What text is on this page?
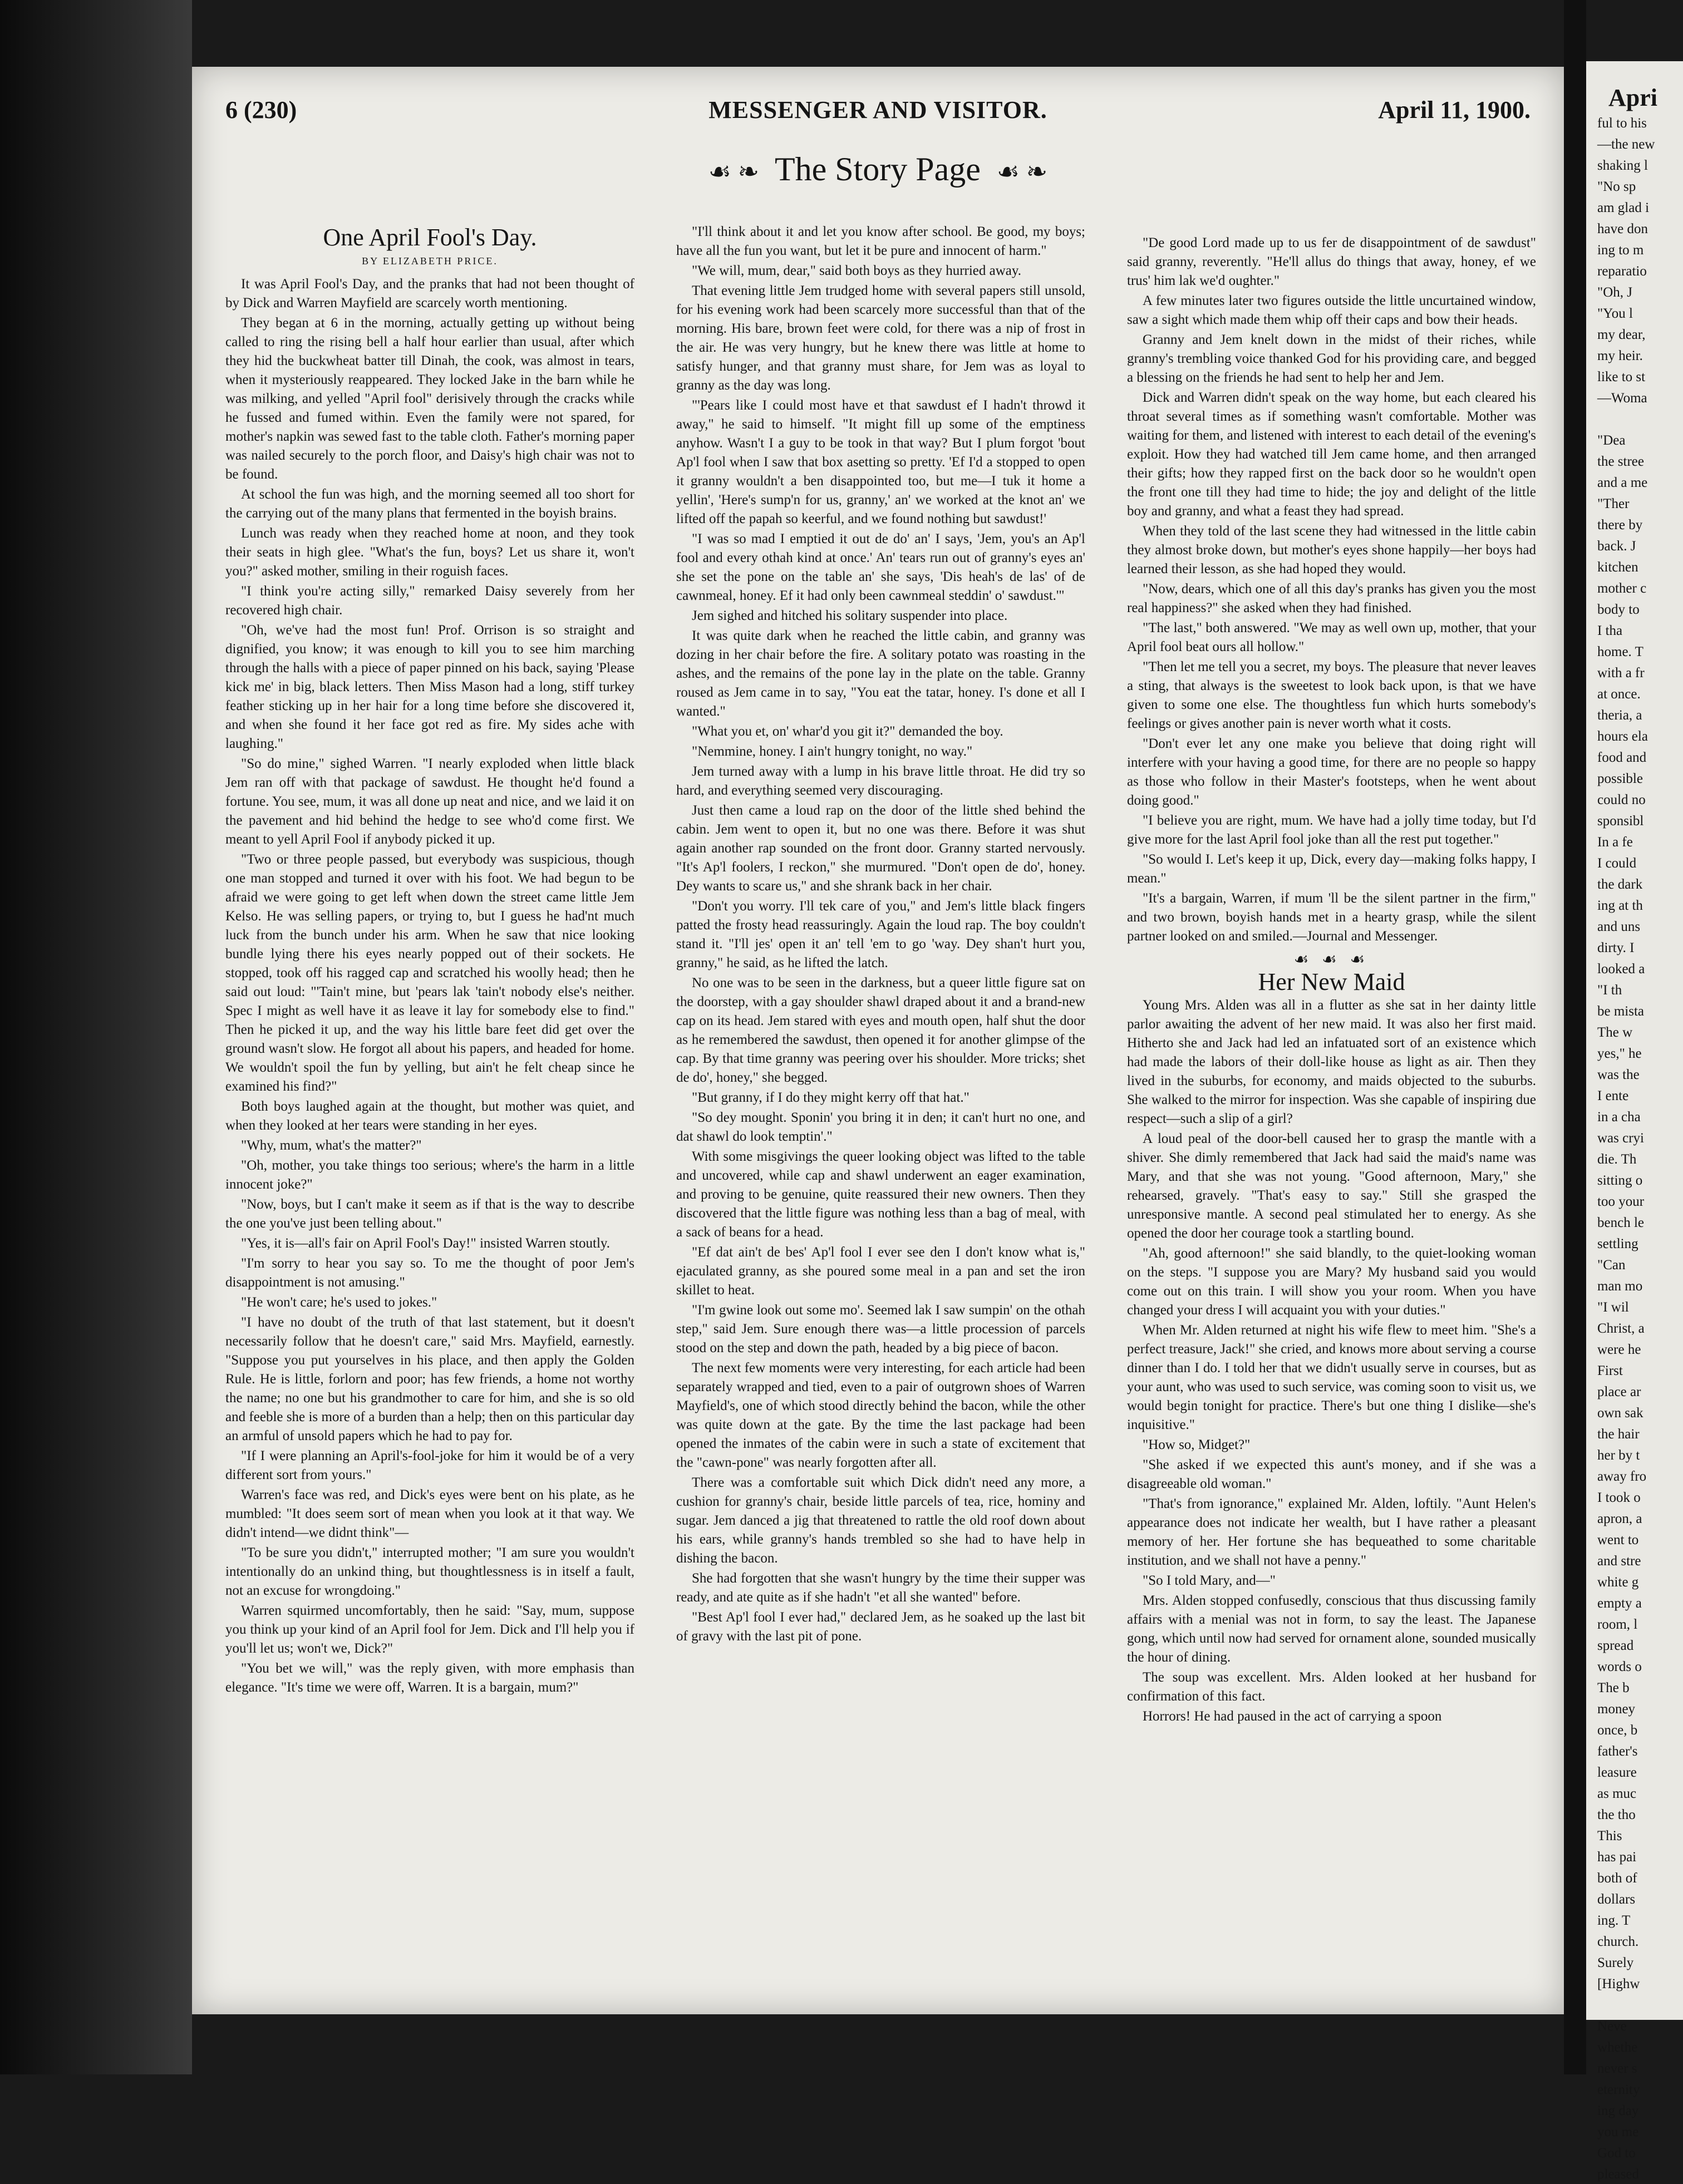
6 (230)	MESSENGER AND VISITOR.	April 11, 1900.
☙ ❧ The Story Page ☙ ❧
One April Fool's Day.
BY ELIZABETH PRICE.

It was April Fool's Day, and the pranks that had not been thought of by Dick and Warren Mayfield are scarcely worth mentioning.

They began at 6 in the morning, actually getting up without being called to ring the rising bell a half hour earlier than usual, after which they hid the buckwheat batter till Dinah, the cook, was almost in tears, when it mysteriously reappeared. They locked Jake in the barn while he was milking, and yelled "April fool" derisively through the cracks while he fussed and fumed within. Even the family were not spared, for mother's napkin was sewed fast to the table cloth. Father's morning paper was nailed securely to the porch floor, and Daisy's high chair was not to be found.

At school the fun was high, and the morning seemed all too short for the carrying out of the many plans that fermented in the boyish brains.

Lunch was ready when they reached home at noon, and they took their seats in high glee. "What's the fun, boys? Let us share it, won't you?" asked mother, smiling in their roguish faces.

"I think you're acting silly," remarked Daisy severely from her recovered high chair.

"Oh, we've had the most fun! Prof. Orrison is so straight and dignified, you know; it was enough to kill you to see him marching through the halls with a piece of paper pinned on his back, saying 'Please kick me' in big, black letters. Then Miss Mason had a long, stiff turkey feather sticking up in her hair for a long time before she discovered it, and when she found it her face got red as fire. My sides ache with laughing."

"So do mine," sighed Warren. "I nearly exploded when little black Jem ran off with that package of sawdust. He thought he'd found a fortune. You see, mum, it was all done up neat and nice, and we laid it on the pavement and hid behind the hedge to see who'd come first. We meant to yell April Fool if anybody picked it up.

"Two or three people passed, but everybody was suspicious, though one man stopped and turned it over with his foot. We had begun to be afraid we were going to get left when down the street came little Jem Kelso. He was selling papers, or trying to, but I guess he had'nt much luck from the bunch under his arm. When he saw that nice looking bundle lying there his eyes nearly popped out of their sockets. He stopped, took off his ragged cap and scratched his woolly head; then he said out loud: "'Tain't mine, but 'pears lak 'tain't nobody else's neither. Spec I might as well have it as leave it lay for somebody else to find." Then he picked it up, and the way his little bare feet did get over the ground wasn't slow. He forgot all about his papers, and headed for home. We wouldn't spoil the fun by yelling, but ain't he felt cheap since he examined his find?"

Both boys laughed again at the thought, but mother was quiet, and when they looked at her tears were standing in her eyes.

"Why, mum, what's the matter?"

"Oh, mother, you take things too serious; where's the harm in a little innocent joke?"

"Now, boys, but I can't make it seem as if that is the way to describe the one you've just been telling about."

"Yes, it is—all's fair on April Fool's Day!" insisted Warren stoutly.

"I'm sorry to hear you say so. To me the thought of poor Jem's disappointment is not amusing."

"He won't care; he's used to jokes."

"I have no doubt of the truth of that last statement, but it doesn't necessarily follow that he doesn't care," said Mrs. Mayfield, earnestly. "Suppose you put yourselves in his place, and then apply the Golden Rule. He is little, forlorn and poor; has few friends, a home not worthy the name; no one but his grandmother to care for him, and she is so old and feeble she is more of a burden than a help; then on this particular day an armful of unsold papers which he had to pay for.

"If I were planning an April's-fool-joke for him it would be of a very different sort from yours."

Warren's face was red, and Dick's eyes were bent on his plate, as he mumbled: "It does seem sort of mean when you look at it that way. We didn't intend—we didnt think"—

"To be sure you didn't," interrupted mother; "I am sure you wouldn't intentionally do an unkind thing, but thoughtlessness is in itself a fault, not an excuse for wrongdoing."

Warren squirmed uncomfortably, then he said: "Say, mum, suppose you think up your kind of an April fool for Jem. Dick and I'll help you if you'll let us; won't we, Dick?"

"You bet we will," was the reply given, with more emphasis than elegance. "It's time we were off, Warren. It is a bargain, mum?"

"I'll think about it and let you know after school. Be good, my boys; have all the fun you want, but let it be pure and innocent of harm."

"We will, mum, dear," said both boys as they hurried away.

That evening little Jem trudged home with several papers still unsold, for his evening work had been scarcely more successful than that of the morning. His bare, brown feet were cold, for there was a nip of frost in the air. He was very hungry, but he knew there was little at home to satisfy hunger, and that granny must share, for Jem was as loyal to granny as the day was long.

"'Pears like I could most have et that sawdust ef I hadn't throwd it away," he said to himself. "It might fill up some of the emptiness anyhow. Wasn't I a guy to be took in that way? But I plum forgot 'bout Ap'l fool when I saw that box asetting so pretty. 'Ef I'd a stopped to open it granny wouldn't a ben disappointed too, but me—I tuk it home a yellin', 'Here's sump'n for us, granny,' an' we worked at the knot an' we lifted off the papah so keerful, and we found nothing but sawdust!'

"I was so mad I emptied it out de do' an' I says, 'Jem, you's an Ap'l fool and every othah kind at once.' An' tears run out of granny's eyes an' she set the pone on the table an' she says, 'Dis heah's de las' of de cawnmeal, honey. Ef it had only been cawnmeal steddin' o' sawdust.'"

Jem sighed and hitched his solitary suspender into place.

It was quite dark when he reached the little cabin, and granny was dozing in her chair before the fire. A solitary potato was roasting in the ashes, and the remains of the pone lay in the plate on the table. Granny roused as Jem came in to say, "You eat the tatar, honey. I's done et all I wanted."

"What you et, on' whar'd you git it?" demanded the boy.

"Nemmine, honey. I ain't hungry tonight, no way."

Jem turned away with a lump in his brave little throat. He did try so hard, and everything seemed very discouraging.

Just then came a loud rap on the door of the little shed behind the cabin. Jem went to open it, but no one was there. Before it was shut again another rap sounded on the front door. Granny started nervously. "It's Ap'l foolers, I reckon," she murmured. "Don't open de do', honey. Dey wants to scare us," and she shrank back in her chair.

"Don't you worry. I'll tek care of you," and Jem's little black fingers patted the frosty head reassuringly. Again the loud rap. The boy couldn't stand it. "I'll jes' open it an' tell 'em to go 'way. Dey shan't hurt you, granny," he said, as he lifted the latch.

No one was to be seen in the darkness, but a queer little figure sat on the doorstep, with a gay shoulder shawl draped about it and a brand-new cap on its head. Jem stared with eyes and mouth open, half shut the door as he remembered the sawdust, then opened it for another glimpse of the cap. By that time granny was peering over his shoulder. More tricks; shet de do', honey," she begged.

"But granny, if I do they might kerry off that hat."

"So dey mought. Sponin' you bring it in den; it can't hurt no one, and dat shawl do look temptin'."

With some misgivings the queer looking object was lifted to the table and uncovered, while cap and shawl underwent an eager examination, and proving to be genuine, quite reassured their new owners. Then they discovered that the little figure was nothing less than a bag of meal, with a sack of beans for a head.

"Ef dat ain't de bes' Ap'l fool I ever see den I don't know what is," ejaculated granny, as she poured some meal in a pan and set the iron skillet to heat.

"I'm gwine look out some mo'. Seemed lak I saw sumpin' on the othah step," said Jem. Sure enough there was—a little procession of parcels stood on the step and down the path, headed by a big piece of bacon.

The next few moments were very interesting, for each article had been separately wrapped and tied, even to a pair of outgrown shoes of Warren Mayfield's, one of which stood directly behind the bacon, while the other was quite down at the gate. By the time the last package had been opened the inmates of the cabin were in such a state of excitement that the "cawn-pone" was nearly forgotten after all.

There was a comfortable suit which Dick didn't need any more, a cushion for granny's chair, beside little parcels of tea, rice, hominy and sugar. Jem danced a jig that threatened to rattle the old roof down about his ears, while granny's hands trembled so she had to have help in dishing the bacon.

She had forgotten that she wasn't hungry by the time their supper was ready, and ate quite as if she hadn't "et all she wanted" before.

"Best Ap'l fool I ever had," declared Jem, as he soaked up the last bit of gravy with the last pit of pone.

"De good Lord made up to us fer de disappointment of de sawdust" said granny, reverently. "He'll allus do things that away, honey, ef we trus' him lak we'd oughter."

A few minutes later two figures outside the little uncurtained window, saw a sight which made them whip off their caps and bow their heads.

Granny and Jem knelt down in the midst of their riches, while granny's trembling voice thanked God for his providing care, and begged a blessing on the friends he had sent to help her and Jem.

Dick and Warren didn't speak on the way home, but each cleared his throat several times as if something wasn't comfortable. Mother was waiting for them, and listened with interest to each detail of the evening's exploit. How they had watched till Jem came home, and then arranged their gifts; how they rapped first on the back door so he wouldn't open the front one till they had time to hide; the joy and delight of the little boy and granny, and what a feast they had spread.

When they told of the last scene they had witnessed in the little cabin they almost broke down, but mother's eyes shone happily—her boys had learned their lesson, as she had hoped they would.

"Now, dears, which one of all this day's pranks has given you the most real happiness?" she asked when they had finished.

"The last," both answered. "We may as well own up, mother, that your April fool beat ours all hollow."

"Then let me tell you a secret, my boys. The pleasure that never leaves a sting, that always is the sweetest to look back upon, is that we have given to some one else. The thoughtless fun which hurts somebody's feelings or gives another pain is never worth what it costs.

"Don't ever let any one make you believe that doing right will interfere with your having a good time, for there are no people so happy as those who follow in their Master's footsteps, when he went about doing good."

"I believe you are right, mum. We have had a jolly time today, but I'd give more for the last April fool joke than all the rest put together."

"So would I. Let's keep it up, Dick, every day—making folks happy, I mean."

"It's a bargain, Warren, if mum 'll be the silent partner in the firm," and two brown, boyish hands met in a hearty grasp, while the silent partner looked on and smiled.—Journal and Messenger.

☙ ☙ ☙
Her New Maid

Young Mrs. Alden was all in a flutter as she sat in her dainty little parlor awaiting the advent of her new maid. It was also her first maid. Hitherto she and Jack had led an infatuated sort of an existence which had made the labors of their doll-like house as light as air. Then they lived in the suburbs, for economy, and maids objected to the suburbs. She walked to the mirror for inspection. Was she capable of inspiring due respect—such a slip of a girl?

A loud peal of the door-bell caused her to grasp the mantle with a shiver. She dimly remembered that Jack had said the maid's name was Mary, and that she was not young. "Good afternoon, Mary," she rehearsed, gravely. "That's easy to say." Still she grasped the unresponsive mantle. A second peal stimulated her to energy. As she opened the door her courage took a startling bound.

"Ah, good afternoon!" she said blandly, to the quiet-looking woman on the steps. "I suppose you are Mary? My husband said you would come out on this train. I will show you your room. When you have changed your dress I will acquaint you with your duties."

When Mr. Alden returned at night his wife flew to meet him. "She's a perfect treasure, Jack!" she cried, and knows more about serving a course dinner than I do. I told her that we didn't usually serve in courses, but as your aunt, who was used to such service, was coming soon to visit us, we would begin tonight for practice. There's but one thing I dislike—she's inquisitive."

"How so, Midget?"

"She asked if we expected this aunt's money, and if she was a disagreeable old woman."

"That's from ignorance," explained Mr. Alden, loftily. "Aunt Helen's appearance does not indicate her wealth, but I have rather a pleasant memory of her. Her fortune she has bequeathed to some charitable institution, and we shall not have a penny."

"So I told Mary, and—"

Mrs. Alden stopped confusedly, conscious that thus discussing family affairs with a menial was not in form, to say the least. The Japanese gong, which until now had served for ornament alone, sounded musically the hour of dining.

The soup was excellent. Mrs. Alden looked at her husband for confirmation of this fact.

Horrors! He had paused in the act of carrying a spoon

Apri
ful to his
—the new
shaking l
"No sp
am glad i
have don
ing to m
reparatio
"Oh, J
"You l
my dear,
my heir.
like to st
—Woma

"Dea
the stree
and a me
"Ther
there by
back. J
kitchen
mother c
body to
I tha
home. T
with a fr
at once.
theria, a
hours ela
food and
possible
could no
sponsibl
In a fe
I could
the dark
ing at th
and uns
dirty. I
looked a
"I th
be mista
The w
yes," he
was the
I ente
in a cha
was cryi
die. Th
sitting o
too your
bench le
settling
"Can
man mo
"I wil
Christ, a
were he
First
place ar
own sak
the hair
her by t
away fro
I took o
apron, a
went to
and stre
white g
empty a
room, l
spread
words o
The b
money
once, b
father's
leasure
as muc
the tho
This
has pai
both of
dollars
ing. T
church.
Surely
[Highw

Neve
whethe
never s
eternity
ing day
you me
God to
pleased
